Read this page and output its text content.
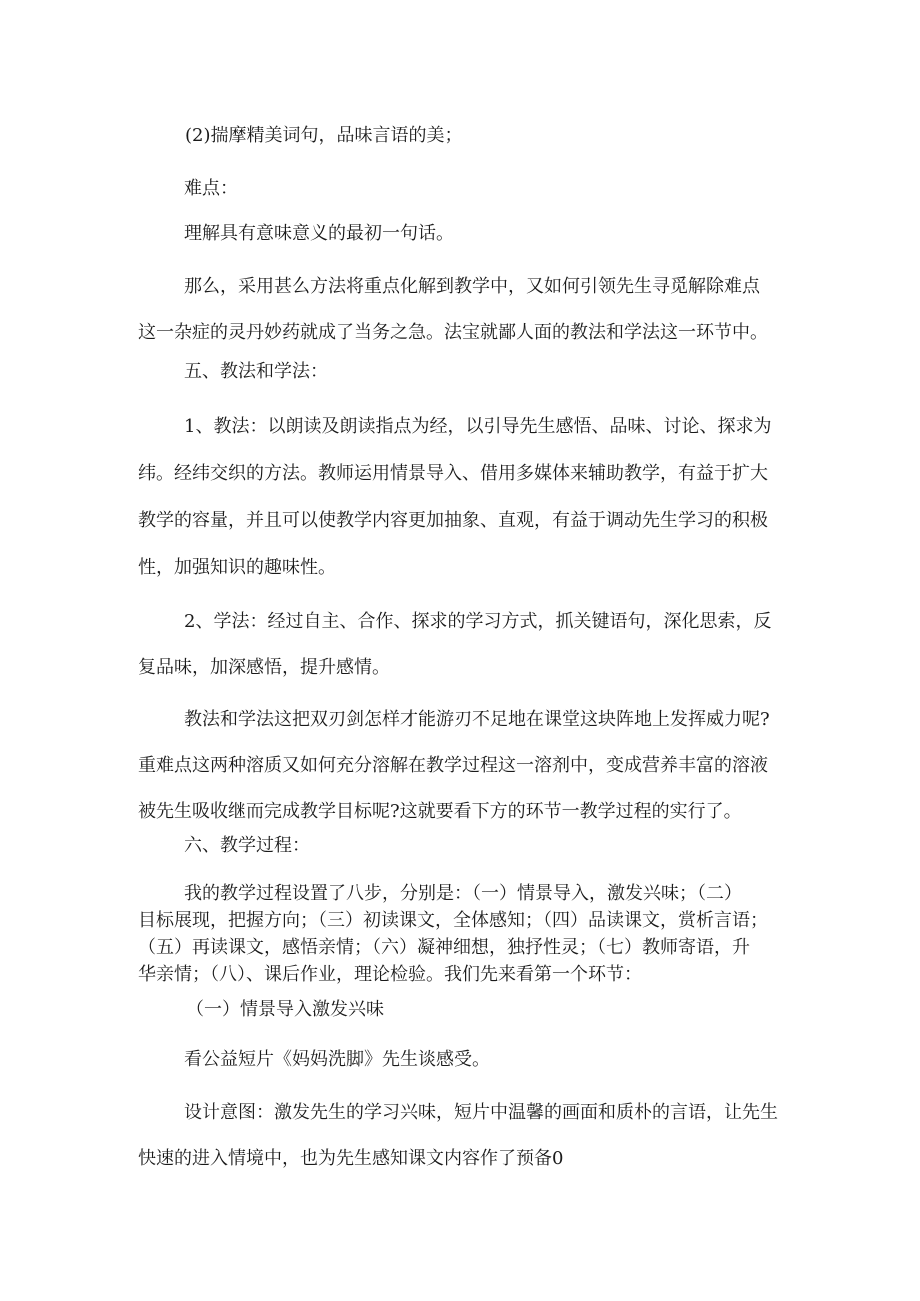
(2)揣摩精美词句，品味言语的美；

难点：

理解具有意味意义的最初一句话。

那么，采用甚么方法将重点化解到教学中，又如何引领先生寻觅解除难点
这一杂症的灵丹妙药就成了当务之急。法宝就鄙人面的教法和学法这一环节中。

五、教法和学法：

1、教法：以朗读及朗读指点为经，以引导先生感悟、品味、讨论、探求为
纬。经纬交织的方法。教师运用情景导入、借用多媒体来辅助教学，有益于扩大
教学的容量，并且可以使教学内容更加抽象、直观，有益于调动先生学习的积极
性，加强知识的趣味性。
2、学法：经过自主、合作、探求的学习方式，抓关键语句，深化思索，反
复品味，加深感悟，提升感情。
教法和学法这把双刃剑怎样才能游刃不足地在课堂这块阵地上发挥威力呢?
重难点这两种溶质又如何充分溶解在教学过程这一溶剂中，变成营养丰富的溶液
被先生吸收继而完成教学目标呢?这就要看下方的环节一教学过程的实行了。

六、教学过程：

我的教学过程设置了八步，分别是：（一）情景导入，激发兴味；（二）
目标展现，把握方向；（三）初读课文，全体感知；（四）品读课文，赏析言语；
（五）再读课文，感悟亲情；（六）凝神细想，独抒性灵；（七）教师寄语，升
华亲情；（八）、课后作业，理论检验。我们先来看第一个环节：

（一）情景导入激发兴味

看公益短片《妈妈洗脚》先生谈感受。

设计意图：激发先生的学习兴味，短片中温馨的画面和质朴的言语，让先生
快速的进入情境中，也为先生感知课文内容作了预备0
